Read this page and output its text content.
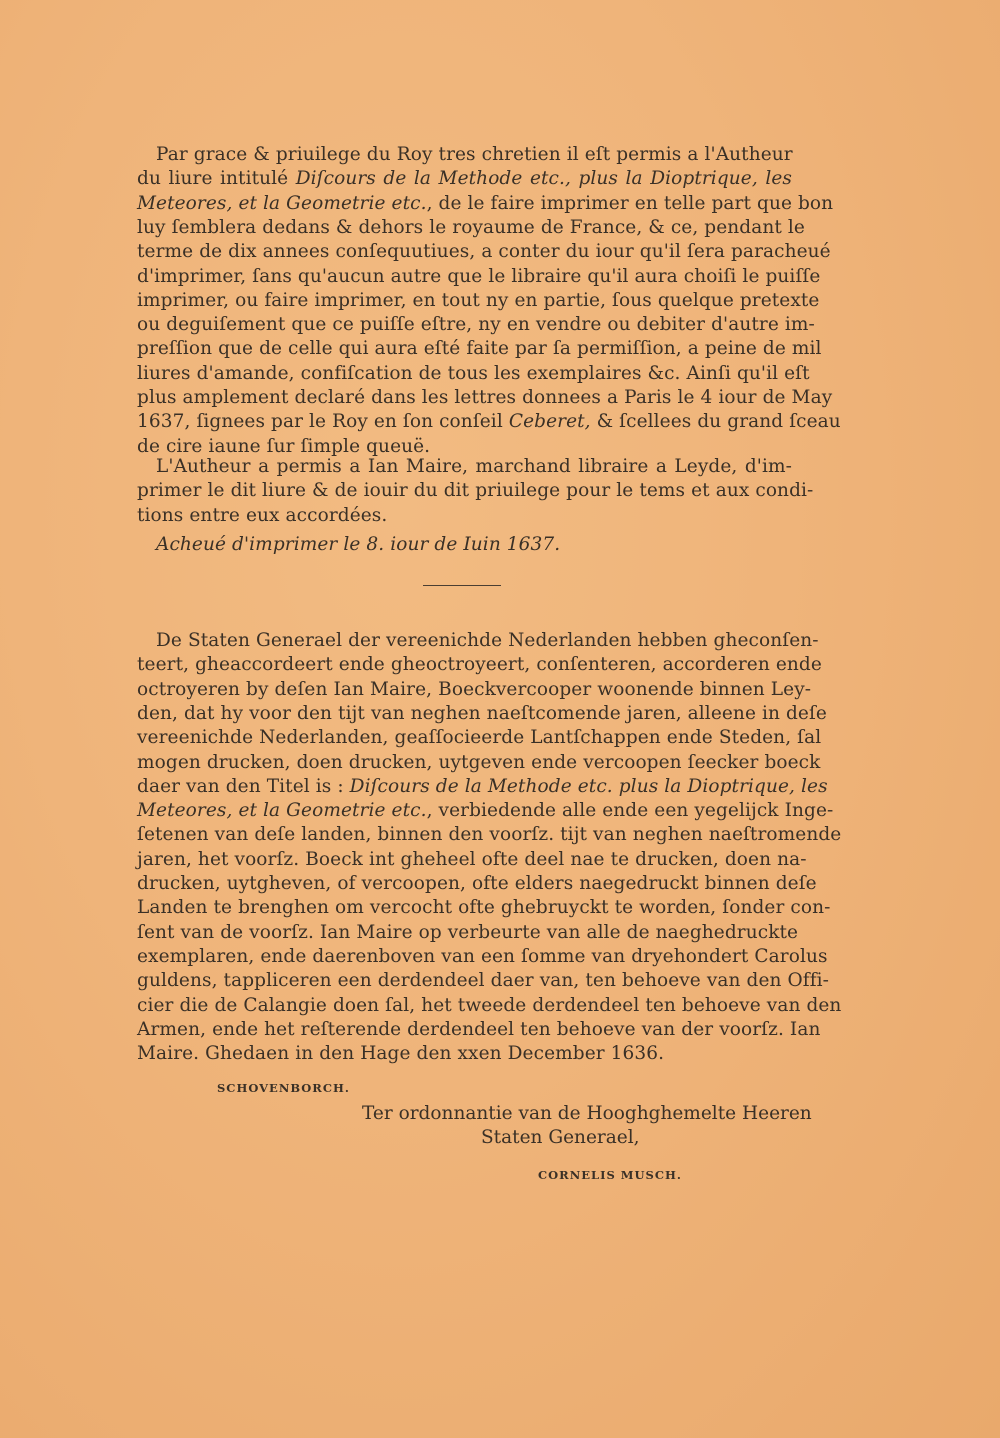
Par grace & priuilege du Roy tres chretien il eſt permis a l'Autheur
du liure intitulé Diſcours de la Methode etc., plus la Dioptrique, les
Meteores, et la Geometrie etc., de le faire imprimer en telle part que bon
luy ſemblera dedans & dehors le royaume de France, & ce, pendant le
terme de dix annees conſequutiues, a conter du iour qu'il ſera paracheué
d'imprimer, ſans qu'aucun autre que le libraire qu'il aura choiſi le puiſſe
imprimer, ou faire imprimer, en tout ny en partie, ſous quelque pretexte
ou deguiſement que ce puiſſe eſtre, ny en vendre ou debiter d'autre im-
preſſion que de celle qui aura eſté faite par ſa permiſſion, a peine de mil
liures d'amande, confiſcation de tous les exemplaires &c. Ainſi qu'il eſt
plus amplement declaré dans les lettres donnees a Paris le 4 iour de May
1637, ſignees par le Roy en ſon conſeil Ceberet, & ſcellees du grand ſceau
de cire iaune ſur ſimple queuë.
L'Autheur a permis a Ian Maire, marchand libraire a Leyde, d'im-
primer le dit liure & de iouir du dit priuilege pour le tems et aux condi-
tions entre eux accordées.
Acheué d'imprimer le 8. iour de Iuin 1637.
De Staten Generael der vereenichde Nederlanden hebben gheconſen-
teert, gheaccordeert ende gheoctroyeert, conſenteren, accorderen ende
octroyeren by deſen Ian Maire, Boeckvercooper woonende binnen Ley-
den, dat hy voor den tijt van neghen naeſtcomende jaren, alleene in deſe
vereenichde Nederlanden, geaſſocieerde Lantſchappen ende Steden, ſal
mogen drucken, doen drucken, uytgeven ende vercoopen ſeecker boeck
daer van den Titel is : Diſcours de la Methode etc. plus la Dioptrique, les
Meteores, et la Geometrie etc., verbiedende alle ende een yegelijck Inge-
ſetenen van deſe landen, binnen den voorſz. tijt van neghen naeſtromende
jaren, het voorſz. Boeck int gheheel ofte deel nae te drucken, doen na-
drucken, uytgheven, of vercoopen, ofte elders naegedruckt binnen deſe
Landen te brenghen om vercocht ofte ghebruyckt te worden, ſonder con-
ſent van de voorſz. Ian Maire op verbeurte van alle de naeghedruckte
exemplaren, ende daerenboven van een ſomme van dryehondert Carolus
guldens, tappliceren een derdendeel daer van, ten behoeve van den Offi-
cier die de Calangie doen ſal, het tweede derdendeel ten behoeve van den
Armen, ende het reſterende derdendeel ten behoeve van der voorſz. Ian
Maire. Ghedaen in den Hage den xxen December 1636.
SCHOVENBORCH.
Ter ordonnantie van de Hooghghemelte Heeren
Staten Generael,
CORNELIS MUSCH.
